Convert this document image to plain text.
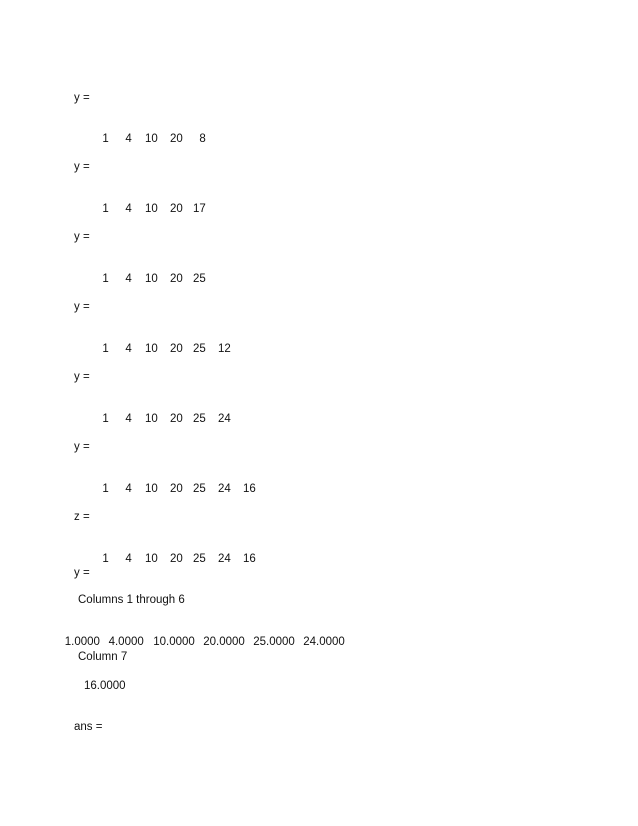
y =

1 4 10 20 8

y =

1 4 10 20 17

y =

1 4 10 20 25

y =

1 4 10 20 25 12

y =

1 4 10 20 25 24

y =

1 4 10 20 25 24 16

z =

1 4 10 20 25 24 16

y =

Columns 1 through 6

1.0000 4.0000 10.0000 20.0000 25.0000 24.0000

Column 7

16.0000

ans =
